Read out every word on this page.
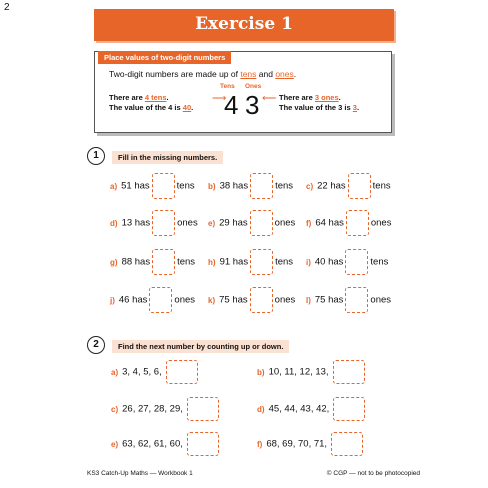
2
Exercise 1
Place values of two-digit numbers
Two-digit numbers are made up of tens and ones.
There are 4 tens.
The value of the 4 is 40.
⟶
Tens Ones
4 3 ⟵ There are 3 ones.
The value of the 3 is 3.
1	Fill in the missing numbers.
a) 51 has	tens b) 38 has	tens c) 22 has	tens
d) 13 has	ones e) 29 has	ones f) 64 has	ones
g) 88 has	tens h) 91 has	tens i) 40 has	tens
j) 46 has	ones k) 75 has	ones l) 75 has	ones
2	Find the next number by counting up or down.
a) 3, 4, 5, 6,	b) 10, 11, 12, 13,
c) 26, 27, 28, 29,	d) 45, 44, 43, 42,
e) 63, 62, 61, 60,	f) 68, 69, 70, 71,
KS3 Catch-Up Maths — Workbook 1	© CGP — not to be photocopied
